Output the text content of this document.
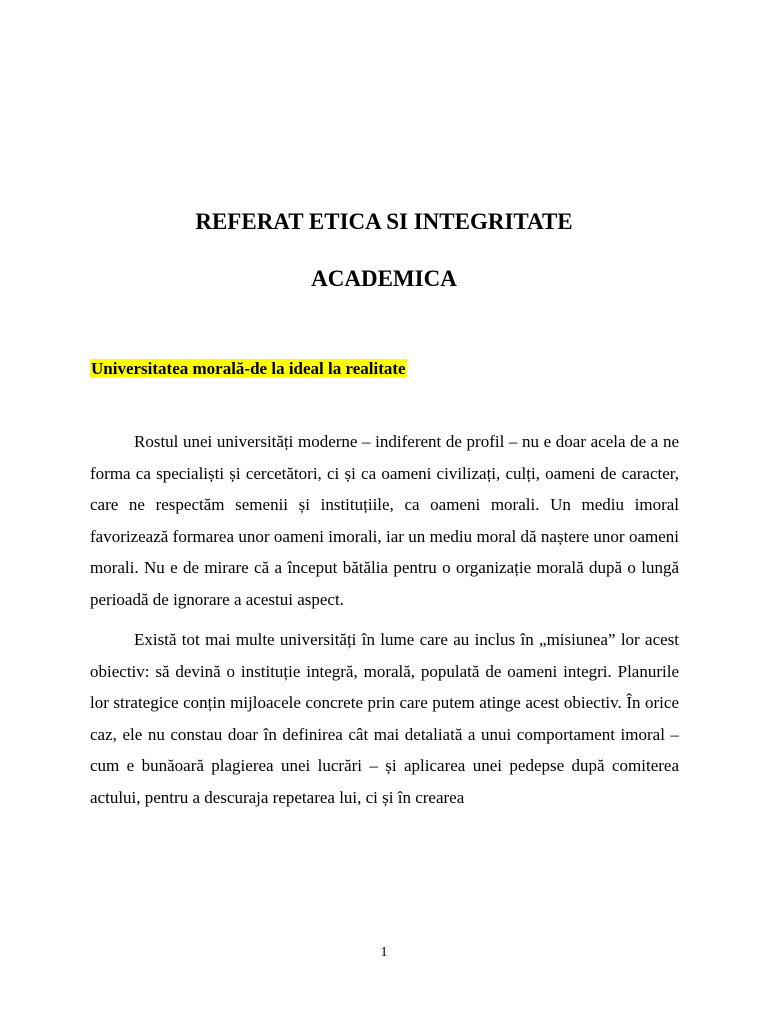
REFERAT ETICA SI INTEGRITATE
ACADEMICA
Universitatea morală-de la ideal la realitate

Rostul unei universități moderne – indiferent de profil – nu e doar acela de a ne forma ca specialiști și cercetători, ci și ca oameni civilizați, culți, oameni de caracter, care ne respectăm semenii și instituțiile, ca oameni morali. Un mediu imoral favorizează formarea unor oameni imorali, iar un mediu moral dă naștere unor oameni morali. Nu e de mirare că a început bătălia pentru o organizație morală după o lungă perioadă de ignorare a acestui aspect.

Există tot mai multe universități în lume care au inclus în „misiunea” lor acest obiectiv: să devină o instituție integră, morală, populată de oameni integri. Planurile lor strategice conțin mijloacele concrete prin care putem atinge acest obiectiv. În orice caz, ele nu constau doar în definirea cât mai detaliată a unui comportament imoral – cum e bunăoară plagierea unei lucrări – și aplicarea unei pedepse după comiterea actului, pentru a descuraja repetarea lui, ci și în crearea

1
